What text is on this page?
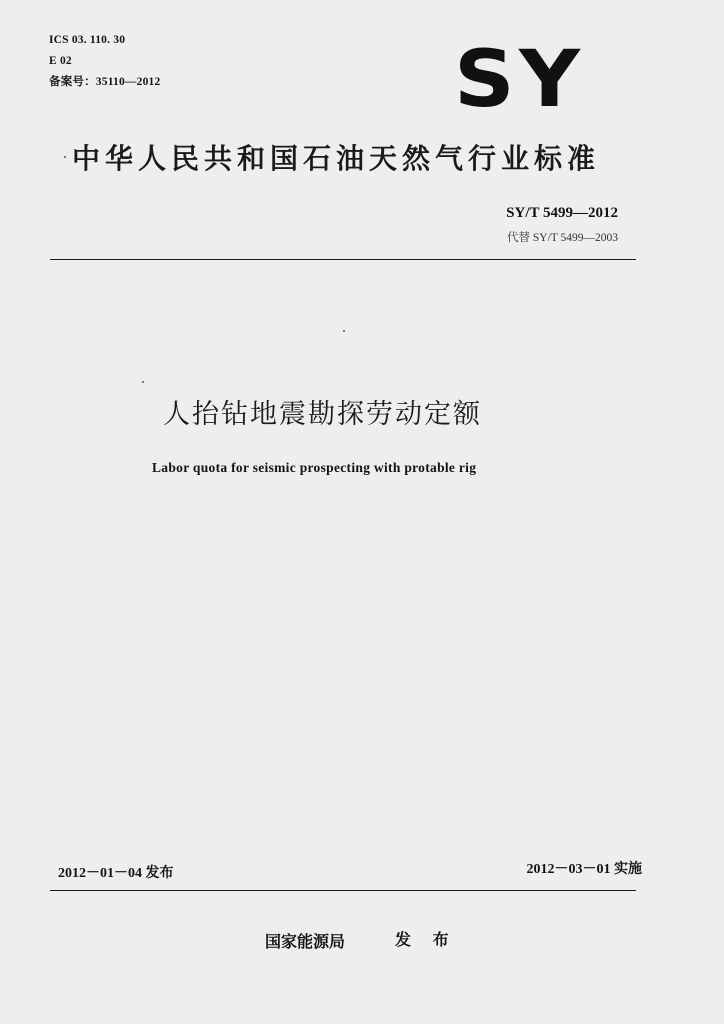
ICS 03. 110. 30
E 02
备案号：35110—2012	SY
中华人民共和国石油天然气行业标准
SY/T 5499—2012
代替 SY/T 5499—2003
人抬钻地震勘探劳动定额
Labor quota for seismic prospecting with protable rig
2012－01－04 发布	2012－03－01 实施
国家能源局	发 布
